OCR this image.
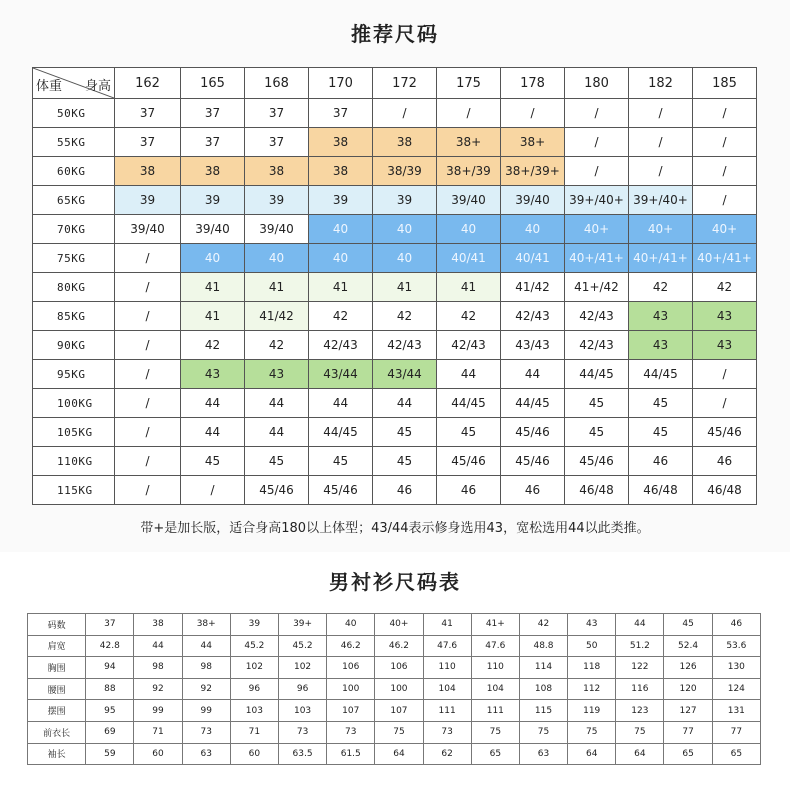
推荐尺码
体重 身高	162	165	168	170	172	175	178	180	182	185
50KG	37	37	37	37	/	/	/	/	/	/
55KG	37	37	37	38	38	38+	38+	/	/	/
60KG	38	38	38	38	38/39	38+/39	38+/39+	/	/	/
65KG	39	39	39	39	39	39/40	39/40	39+/40+	39+/40+	/
70KG	39/40	39/40	39/40	40	40	40	40	40+	40+	40+
75KG	/	40	40	40	40	40/41	40/41	40+/41+	40+/41+	40+/41+
80KG	/	41	41	41	41	41	41/42	41+/42	42	42
85KG	/	41	41/42	42	42	42	42/43	42/43	43	43
90KG	/	42	42	42/43	42/43	42/43	43/43	42/43	43	43
95KG	/	43	43	43/44	43/44	44	44	44/45	44/45	/
100KG	/	44	44	44	44	44/45	44/45	45	45	/
105KG	/	44	44	44/45	45	45	45/46	45	45	45/46
110KG	/	45	45	45	45	45/46	45/46	45/46	46	46
115KG	/	/	45/46	45/46	46	46	46	46/48	46/48	46/48
带+是加长版，适合身高180以上体型；43/44表示修身选用43，宽松选用44以此类推。
男衬衫尺码表
码数	37	38	38+	39	39+	40	40+	41	41+	42	43	44	45	46
肩宽	42.8	44	44	45.2	45.2	46.2	46.2	47.6	47.6	48.8	50	51.2	52.4	53.6
胸围	94	98	98	102	102	106	106	110	110	114	118	122	126	130
腰围	88	92	92	96	96	100	100	104	104	108	112	116	120	124
摆围	95	99	99	103	103	107	107	111	111	115	119	123	127	131
前衣长	69	71	73	71	73	73	75	73	75	75	75	75	77	77
袖长	59	60	63	60	63.5	61.5	64	62	65	63	64	64	65	65
